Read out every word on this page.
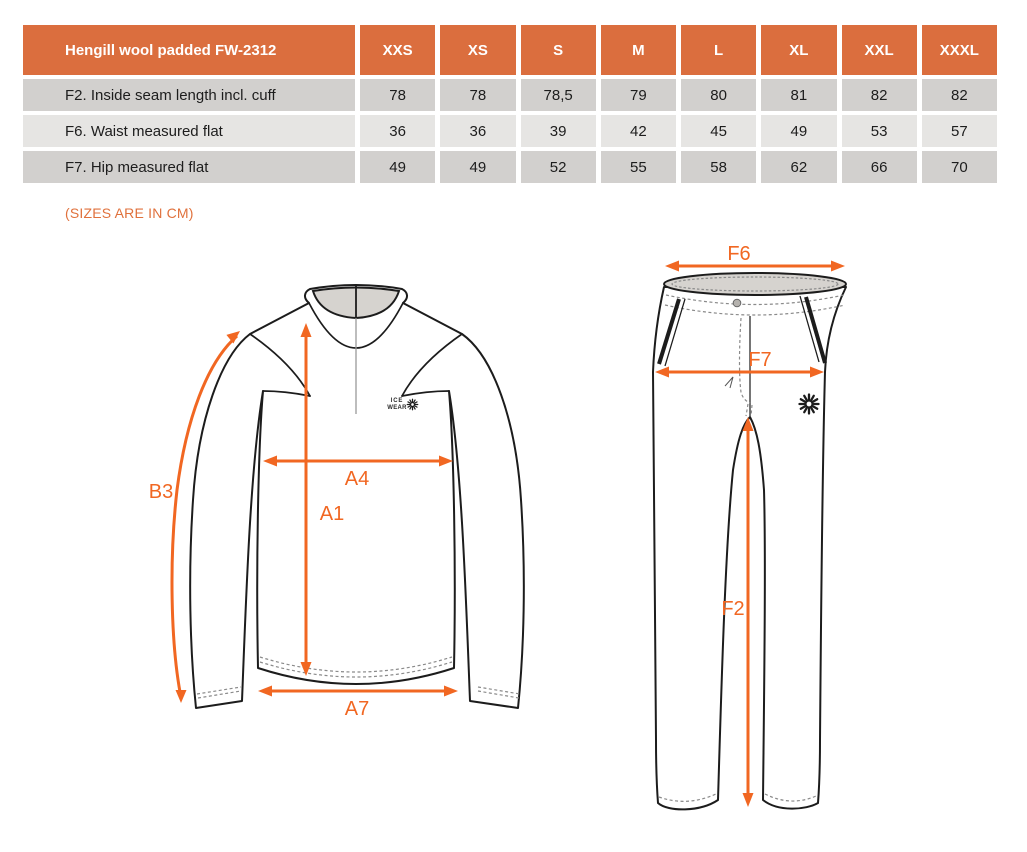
Hengill wool padded FW-2312	XXS	XS	S	M	L	XL	XXL	XXXL
F2. Inside seam length incl. cuff	78	78	78,5	79	80	81	82	82
F6. Waist measured flat	36	36	39	42	45	49	53	57
F7. Hip measured flat	49	49	52	55	58	62	66	70
(SIZES ARE IN CM)
ICE
WEAR
A1
A4
A7
B3
F6
F7
F2
